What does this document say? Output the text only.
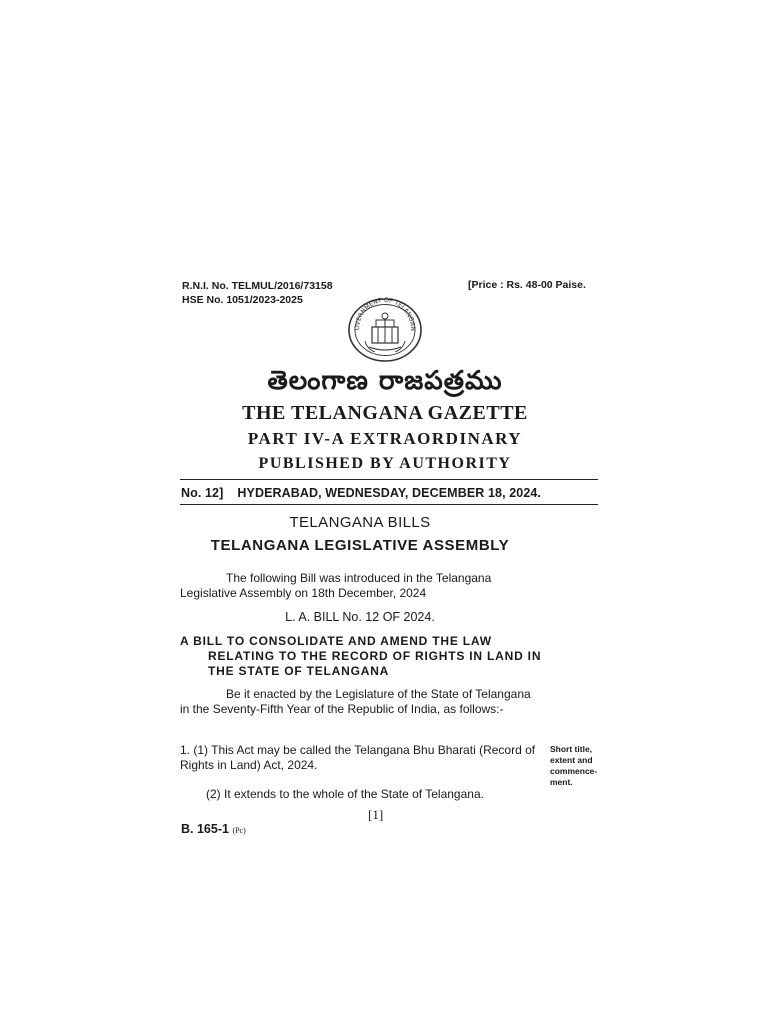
R.N.I. No. TELMUL/2016/73158
HSE No. 1051/2023-2025
[Price : Rs. 48-00 Paise.
OVERNMENT OF TELANGAN
తెలంగాణ రాజపత్రము
THE TELANGANA GAZETTE
PART IV-A EXTRAORDINARY
PUBLISHED BY AUTHORITY
No. 12] HYDERABAD, WEDNESDAY, DECEMBER 18, 2024.
TELANGANA BILLS
TELANGANA LEGISLATIVE ASSEMBLY
The following Bill was introduced in the Telangana Legislative Assembly on 18th December, 2024
L. A. BILL No. 12 OF 2024.
A BILL TO CONSOLIDATE AND AMEND THE LAW RELATING TO THE RECORD OF RIGHTS IN LAND IN THE STATE OF TELANGANA
Be it enacted by the Legislature of the State of Telangana in the Seventy-Fifth Year of the Republic of India, as follows:-
1. (1) This Act may be called the Telangana Bhu Bharati (Record of Rights in Land) Act, 2024.
Short title, extent and commence-ment.
(2) It extends to the whole of the State of Telangana.
[1]
B. 165-1 (Pc)
